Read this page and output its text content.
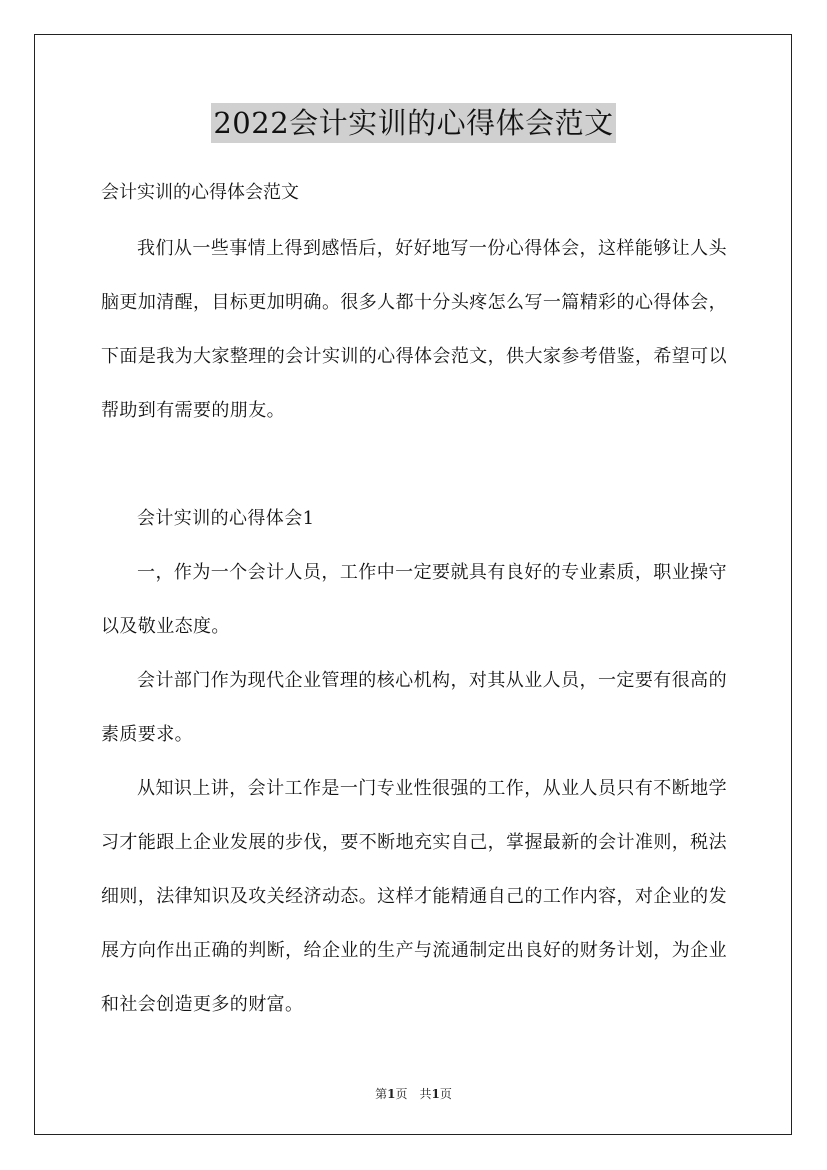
2022会计实训的心得体会范文
会计实训的心得体会范文

我们从一些事情上得到感悟后，好好地写一份心得体会，这样能够让人头脑更加清醒，目标更加明确。很多人都十分头疼怎么写一篇精彩的心得体会，下面是我为大家整理的会计实训的心得体会范文，供大家参考借鉴，希望可以帮助到有需要的朋友。

会计实训的心得体会1

一，作为一个会计人员，工作中一定要就具有良好的专业素质，职业操守以及敬业态度。

会计部门作为现代企业管理的核心机构，对其从业人员，一定要有很高的素质要求。

从知识上讲，会计工作是一门专业性很强的工作，从业人员只有不断地学习才能跟上企业发展的步伐，要不断地充实自己，掌握最新的会计准则，税法细则，法律知识及攻关经济动态。这样才能精通自己的工作内容，对企业的发展方向作出正确的判断，给企业的生产与流通制定出良好的财务计划，为企业和社会创造更多的财富。

第1页 共1页
